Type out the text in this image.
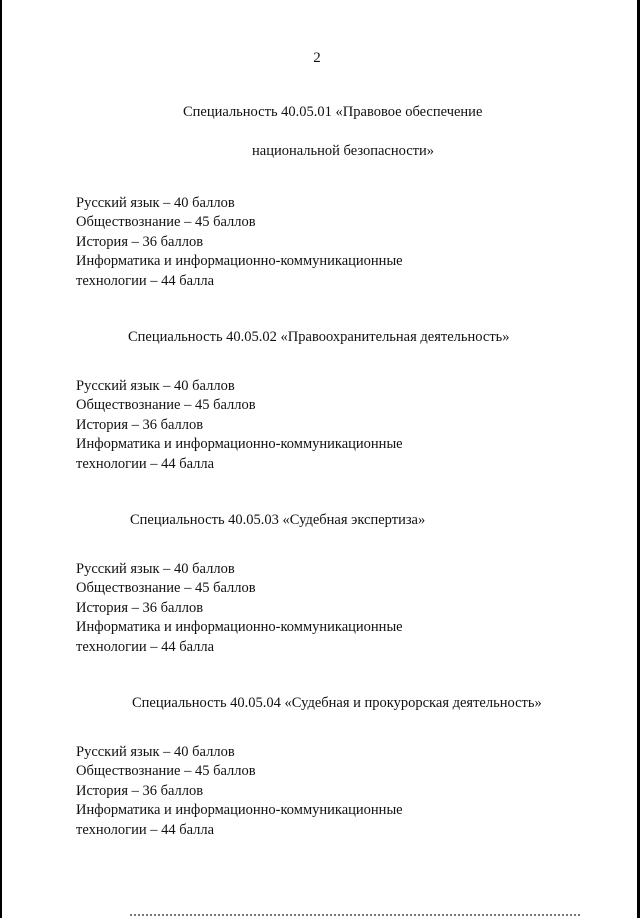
2

Специальность 40.05.01 «Правовое обеспечение

национальной безопасности»

Русский язык – 40 баллов
Обществознание – 45 баллов
История – 36 баллов
Информатика и информационно-коммуникационные
технологии – 44 балла

Специальность 40.05.02 «Правоохранительная деятельность»

Русский язык – 40 баллов
Обществознание – 45 баллов
История – 36 баллов
Информатика и информационно-коммуникационные
технологии – 44 балла

Специальность 40.05.03 «Судебная экспертиза»

Русский язык – 40 баллов
Обществознание – 45 баллов
История – 36 баллов
Информатика и информационно-коммуникационные
технологии – 44 балла

Специальность 40.05.04 «Судебная и прокурорская деятельность»

Русский язык – 40 баллов
Обществознание – 45 баллов
История – 36 баллов
Информатика и информационно-коммуникационные
технологии – 44 балла
